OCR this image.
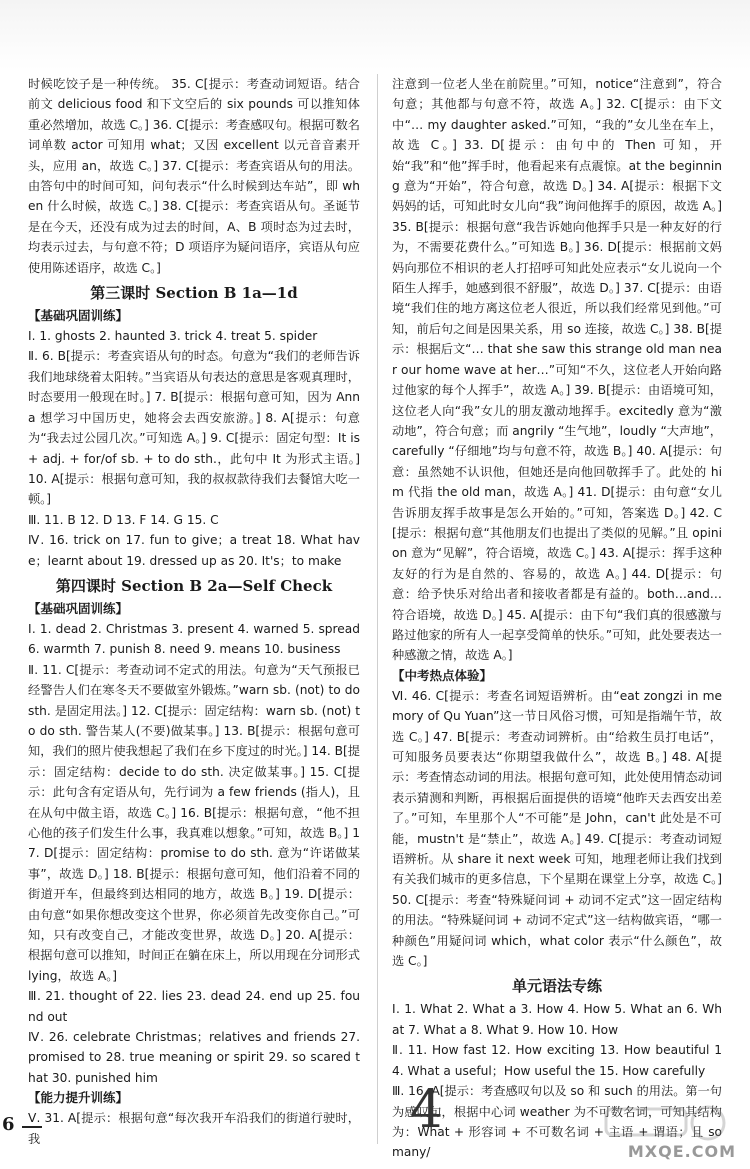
时候吃饺子是一种传统。 35. C[提示：考查动词短语。结合前文 delicious food 和下文空后的 six pounds 可以推知体重必然增加，故选 C。] 36. C[提示：考查感叹句。根据可数名词单数 actor 可知用 what；又因 excellent 以元音音素开头，应用 an，故选 C。] 37. C[提示：考查宾语从句的用法。由答句中的时间可知，问句表示“什么时候到达车站”，即 when 什么时候，故选 C。] 38. C[提示：考查宾语从句。圣诞节是在今天，还没有成为过去的时间，A、B 项时态为过去时，均表示过去，与句意不符；D 项语序为疑问语序，宾语从句应使用陈述语序，故选 C。]

第三课时 Section B 1a—1d
【基础巩固训练】

Ⅰ. 1. ghosts 2. haunted 3. trick 4. treat 5. spider

Ⅱ. 6. B[提示：考查宾语从句的时态。句意为“我们的老师告诉我们地球绕着太阳转。”当宾语从句表达的意思是客观真理时，时态要用一般现在时。] 7. B[提示：根据句意可知，因为 Anna 想学习中国历史，她将会去西安旅游。] 8. A[提示：句意为“我去过公园几次。”可知选 A。] 9. C[提示：固定句型：It is + adj. + for/of sb. + to do sth.，此句中 It 为形式主语。] 10. A[提示：根据句意可知，我的叔叔款待我们去餐馆大吃一顿。]

Ⅲ. 11. B 12. D 13. F 14. G 15. C

Ⅳ. 16. trick on 17. fun to give；a treat 18. What have；learnt about 19. dressed up as 20. It's；to make

第四课时 Section B 2a—Self Check
【基础巩固训练】

Ⅰ. 1. dead 2. Christmas 3. present 4. warned 5. spread 6. warmth 7. punish 8. need 9. means 10. business

Ⅱ. 11. C[提示：考查动词不定式的用法。句意为“天气预报已经警告人们在寒冬天不要做室外锻炼。”warn sb. (not) to do sth. 是固定用法。] 12. C[提示：固定结构：warn sb. (not) to do sth. 警告某人(不要)做某事。] 13. B[提示：根据句意可知，我们的照片使我想起了我们在乡下度过的时光。] 14. B[提示：固定结构：decide to do sth. 决定做某事。] 15. C[提示：此句含有定语从句，先行词为 a few friends (指人)，且在从句中做主语，故选 C。] 16. B[提示：根据句意，“他不担心他的孩子们发生什么事，我真难以想象。”可知，故选 B。] 17. D[提示：固定结构：promise to do sth. 意为“许诺做某事”，故选 D。] 18. B[提示：根据句意可知，他们沿着不同的街道开车，但最终到达相同的地方，故选 B。] 19. D[提示：由句意“如果你想改变这个世界，你必须首先改变你自己。”可知，只有改变自己，才能改变世界，故选 D。] 20. A[提示：根据句意可以推知，时间正在躺在床上，所以用现在分词形式 lying，故选 A。]

Ⅲ. 21. thought of 22. lies 23. dead 24. end up 25. found out

Ⅳ. 26. celebrate Christmas；relatives and friends 27. promised to 28. true meaning or spirit 29. so scared that 30. punished him

【能力提升训练】

Ⅴ. 31. A[提示：根据句意“每次我开车沿我们的街道行驶时，我

注意到一位老人坐在前院里。”可知，notice“注意到”，符合句意；其他都与句意不符，故选 A。] 32. C[提示：由下文中“… my daughter asked.”可知，“我的”女儿坐在车上，故选 C。] 33. D[提示：由句中的 Then 可知，开始“我”和“他”挥手时，他看起来有点震惊。at the beginning 意为“开始”，符合句意，故选 D。] 34. A[提示：根据下文妈妈的话，可知此时女儿向“我”询问他挥手的原因，故选 A。] 35. B[提示：根据句意“我告诉她向他挥手只是一种友好的行为，不需要花费什么。”可知选 B。] 36. D[提示：根据前文妈妈向那位不相识的老人打招呼可知此处应表示“女儿说向一个陌生人挥手，她感到很不舒服”，故选 D。] 37. C[提示：由语境“我们住的地方离这位老人很近，所以我们经常见到他。”可知，前后句之间是因果关系，用 so 连接，故选 C。] 38. B[提示：根据后文“… that she saw this strange old man near our home wave at her…”可知“不久，这位老人开始向路过他家的每个人挥手”，故选 A。] 39. B[提示：由语境可知，这位老人向“我”女儿的朋友激动地挥手。excitedly 意为“激动地”，符合句意；而 angrily “生气地”，loudly “大声地”，carefully “仔细地”均与句意不符，故选 B。] 40. A[提示：句意：虽然她不认识他，但她还是向他回敬挥手了。此处的 him 代指 the old man，故选 A。] 41. D[提示：由句意“女儿告诉朋友挥手故事是怎么开始的。”可知，答案选 D。] 42. C[提示：根据句意“其他朋友们也提出了类似的见解。”且 opinion 意为“见解”，符合语境，故选 C。] 43. A[提示：挥手这种友好的行为是自然的、容易的，故选 A。] 44. D[提示：句意：给予快乐对给出者和接收者都是有益的。both…and… 符合语境，故选 D。] 45. A[提示：由下句“我们真的很感激与路过他家的所有人一起享受简单的快乐。”可知，此处要表达一种感激之情，故选 A。]

【中考热点体验】

Ⅵ. 46. C[提示：考查名词短语辨析。由“eat zongzi in memory of Qu Yuan”这一节日风俗习惯，可知是指端午节，故选 C。] 47. B[提示：考查动词辨析。由“给救生员打电话”，可知服务员要表达“你期望我做什么”，故选 B。] 48. A[提示：考查情态动词的用法。根据句意可知，此处使用情态动词表示猜测和判断，再根据后面提供的语境“他昨天去西安出差了。”可知，车里那个人“不可能”是 John，can't 此处是不可能，mustn't 是“禁止”，故选 A。] 49. C[提示：考查动词短语辨析。从 share it next week 可知，地理老师让我们找到有关我们城市的更多信息，下个星期在课堂上分享，故选 C。] 50. C[提示：考查“特殊疑问词 + 动词不定式”这一固定结构的用法。“特殊疑问词 + 动词不定式”这一结构做宾语，“哪一种颜色”用疑问词 which，what color 表示“什么颜色”，故选 C。]

单元语法专练

Ⅰ. 1. What 2. What a 3. How 4. How 5. What an 6. What 7. What a 8. What 9. How 10. How

Ⅱ. 11. How fast 12. How exciting 13. How beautiful 14. What a useful；How useful the 15. How carefully

Ⅲ. 16. A[提示：考查感叹句以及 so 和 such 的用法。第一句为感叹句，根据中心词 weather 为不可数名词，可知其结构为：What + 形容词 + 不可数名词 + 主语 + 谓语；且 so many/

6	4
MXQE.COM
